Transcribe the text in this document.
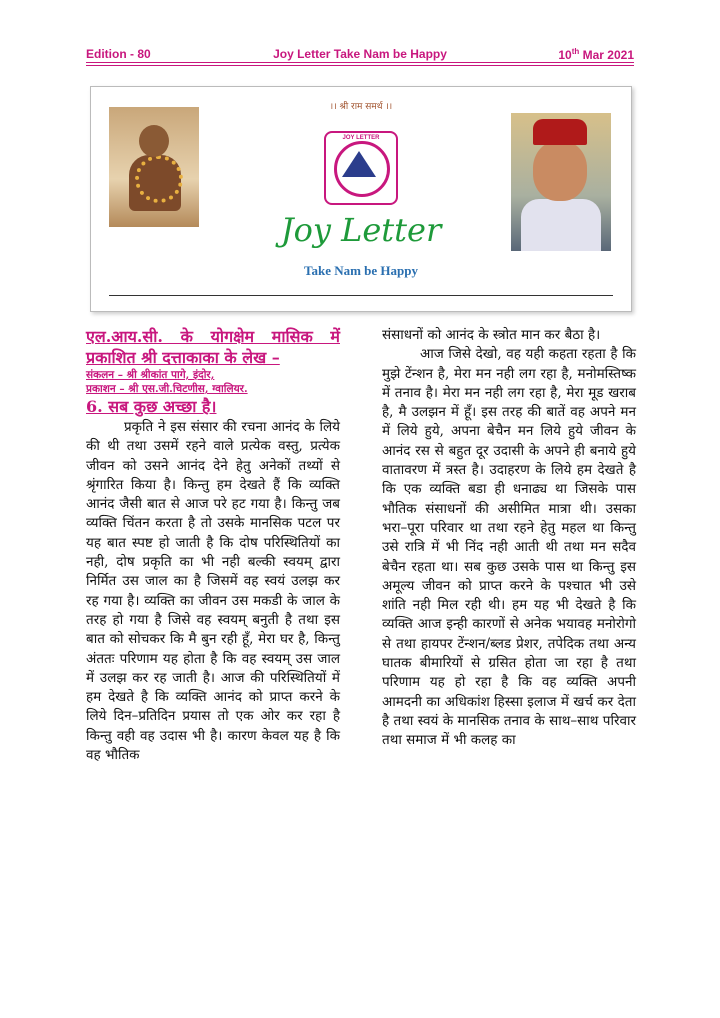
Edition - 80	Joy Letter Take Nam be Happy	10th Mar 2021
।। श्री राम समर्थ ।।
JOY LETTER
Joy Letter
Take Nam be Happy

एल.आय.सी. के योगक्षेम मासिक में प्रकाशित श्री दत्ताकाका के लेख –

संकलन – श्री श्रीकांत पागे, इंदोर,

प्रकाशन – श्री एस.जी.चिटणीस, ग्वालियर.

6. सब कुछ अच्छा है।

प्रकृति ने इस संसार की रचना आनंद के लिये की थी तथा उसमें रहने वाले प्रत्येक वस्तु, प्रत्येक जीवन को उसने आनंद देने हेतु अनेकों तथ्यों से श्रृंगारित किया है। किन्तु हम देखते हैं कि व्यक्ति आनंद जैसी बात से आज परे हट गया है। किन्तु जब व्यक्ति चिंतन करता है तो उसके मानसिक पटल पर यह बात स्पष्ट हो जाती है कि दोष परिस्थितियों का नही, दोष प्रकृति का भी नही बल्की स्वयम् द्वारा निर्मित उस जाल का है जिसमें वह स्वयं उलझ कर रह गया है। व्यक्ति का जीवन उस मकडी के जाल के तरह हो गया है जिसे वह स्वयम् बनुती है तथा इस बात को सोचकर कि मै बुन रही हूँ, मेरा घर है, किन्तु अंततः परिणाम यह होता है कि वह स्वयम् उस जाल में उलझ कर रह जाती है। आज की परिस्थितियों में हम देखते है कि व्यक्ति आनंद को प्राप्त करने के लिये दिन–प्रतिदिन प्रयास तो एक ओर कर रहा है किन्तु वही वह उदास भी है। कारण केवल यह है कि वह भौतिक

संसाधनों को आनंद के स्त्रोत मान कर बैठा है।

आज जिसे देखो, वह यही कहता रहता है कि मुझे टेंन्शन है, मेरा मन नही लग रहा है, मनोमस्तिष्क में तनाव है। मेरा मन नही लग रहा है, मेरा मूड खराब है, मै उलझन में हूँ। इस तरह की बातें वह अपने मन में लिये हुये, अपना बेचैन मन लिये हुये जीवन के आनंद रस से बहुत दूर उदासी के अपने ही बनाये हुये वातावरण में त्रस्त है। उदाहरण के लिये हम देखते है कि एक व्यक्ति बडा ही धनाढ्य था जिसके पास भौतिक संसाधनों की असीमित मात्रा थी। उसका भरा–पूरा परिवार था तथा रहने हेतु महल था किन्तु उसे रात्रि में भी निंद नही आती थी तथा मन सदैव बेचैन रहता था। सब कुछ उसके पास था किन्तु इस अमूल्य जीवन को प्राप्त करने के पश्चात भी उसे शांति नही मिल रही थी। हम यह भी देखते है कि व्यक्ति आज इन्ही कारणों से अनेक भयावह मनोरोगो से तथा हायपर टेंन्शन/ब्लड प्रेशर, तपेदिक तथा अन्य घातक बीमारियों से ग्रसित होता जा रहा है तथा परिणाम यह हो रहा है कि वह व्यक्ति अपनी आमदनी का अधिकांश हिस्सा इलाज में खर्च कर देता है तथा स्वयं के मानसिक तनाव के साथ–साथ परिवार तथा समाज में भी कलह का
